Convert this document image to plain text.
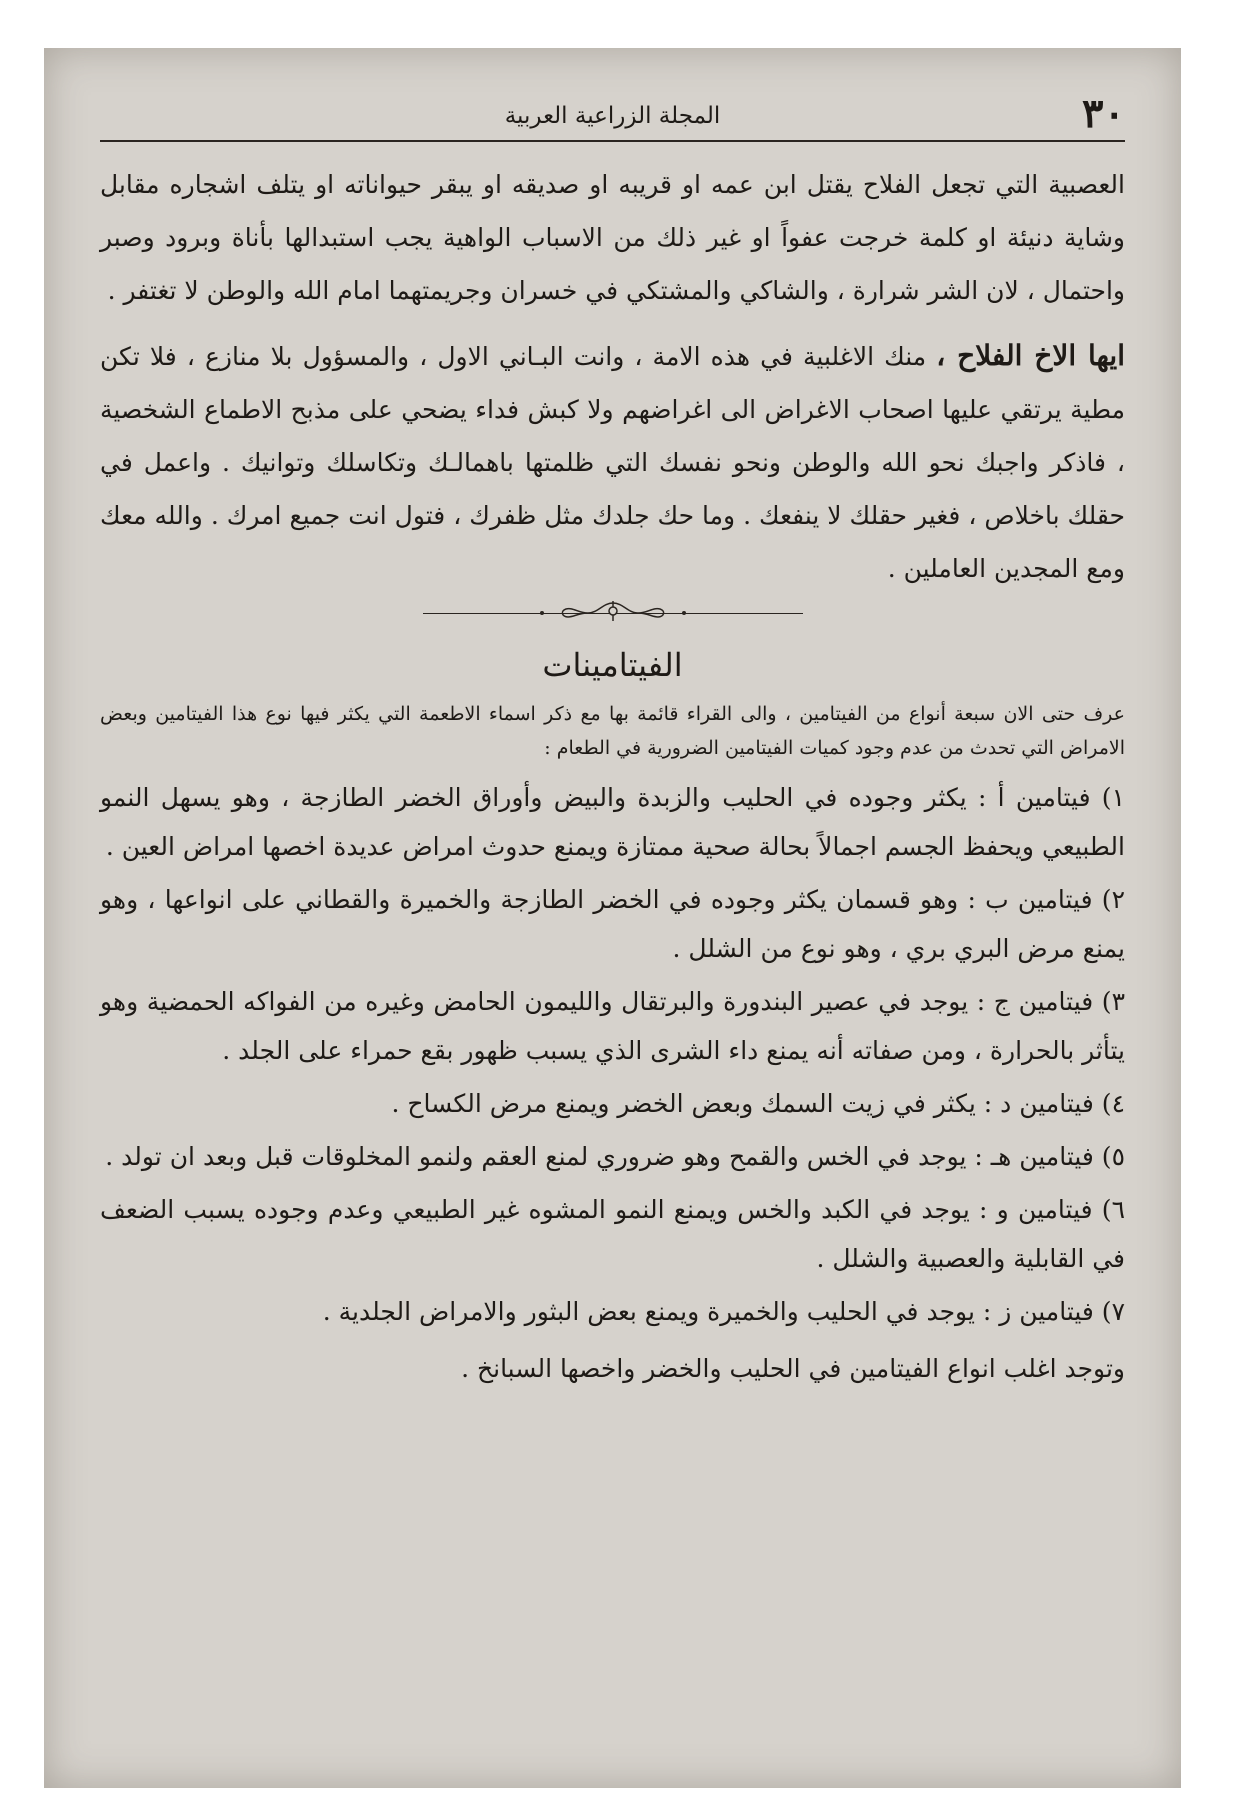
٣٠
المجلة الزراعية العربية

العصبية التي تجعل الفلاح يقتل ابن عمه او قريبه او صديقه او يبقر حيواناته او يتلف اشجاره مقابل وشاية دنيئة او كلمة خرجت عفواً او غير ذلك من الاسباب الواهية يجب استبدالها بأناة وبرود وصبر واحتمال ، لان الشر شرارة ، والشاكي والمشتكي في خسران وجريمتهما امام الله والوطن لا تغتفر .

ايها الاخ الفلاح ، منك الاغلبية في هذه الامة ، وانت البـاني الاول ، والمسؤول بلا منازع ، فلا تكن مطية يرتقي عليها اصحاب الاغراض الى اغراضهم ولا كبش فداء يضحي على مذبح الاطماع الشخصية ، فاذكر واجبك نحو الله والوطن ونحو نفسك التي ظلمتها باهمالـك وتكاسلك وتوانيك . واعمل في حقلك باخلاص ، فغير حقلك لا ينفعك . وما حك جلدك مثل ظفرك ، فتول انت جميع امرك . والله معك ومع المجدين العاملين .

الفيتامينات

عرف حتى الان سبعة أنواع من الفيتامين ، والى القراء قائمة بها مع ذكر اسماء الاطعمة التي يكثر فيها نوع هذا الفيتامين وبعض الامراض التي تحدث من عدم وجود كميات الفيتامين الضرورية في الطعام :

١) فيتامين أ : يكثر وجوده في الحليب والزبدة والبيض وأوراق الخضر الطازجة ، وهو يسهل النمو الطبيعي ويحفظ الجسم اجمالاً بحالة صحية ممتازة ويمنع حدوث امراض عديدة اخصها امراض العين .

٢) فيتامين ب : وهو قسمان يكثر وجوده في الخضر الطازجة والخميرة والقطاني على انواعها ، وهو يمنع مرض البري بري ، وهو نوع من الشلل .

٣) فيتامين ج : يوجد في عصير البندورة والبرتقال والليمون الحامض وغيره من الفواكه الحمضية وهو يتأثر بالحرارة ، ومن صفاته أنه يمنع داء الشرى الذي يسبب ظهور بقع حمراء على الجلد .

٤) فيتامين د : يكثر في زيت السمك وبعض الخضر ويمنع مرض الكساح .

٥) فيتامين هـ : يوجد في الخس والقمح وهو ضروري لمنع العقم ولنمو المخلوقات قبل وبعد ان تولد .

٦) فيتامين و : يوجد في الكبد والخس ويمنع النمو المشوه غير الطبيعي وعدم وجوده يسبب الضعف في القابلية والعصبية والشلل .

٧) فيتامين ز : يوجد في الحليب والخميرة ويمنع بعض البثور والامراض الجلدية .

وتوجد اغلب انواع الفيتامين في الحليب والخضر واخصها السبانخ .
